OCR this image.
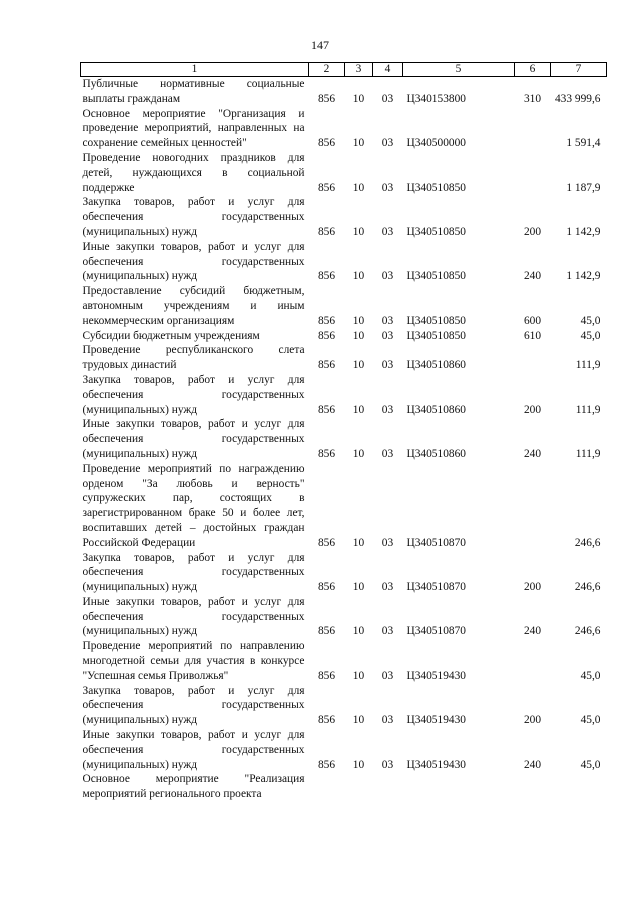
147
1	2	3	4	5	6	7
Публичные нормативные социальные выплаты гражданам	856	10	03	Ц340153800	310	433 999,6
Основное мероприятие "Организация и проведение мероприятий, направленных на сохранение семейных ценностей"	856	10	03	Ц340500000		1 591,4
Проведение новогодних праздников для детей, нуждающихся в социальной поддержке	856	10	03	Ц340510850		1 187,9
Закупка товаров, работ и услуг для обеспечения государственных (муниципальных) нужд	856	10	03	Ц340510850	200	1 142,9
Иные закупки товаров, работ и услуг для обеспечения государственных (муниципальных) нужд	856	10	03	Ц340510850	240	1 142,9
Предоставление субсидий бюджетным, автономным учреждениям и иным некоммерческим организациям	856	10	03	Ц340510850	600	45,0
Субсидии бюджетным учреждениям	856	10	03	Ц340510850	610	45,0
Проведение республиканского слета трудовых династий	856	10	03	Ц340510860		111,9
Закупка товаров, работ и услуг для обеспечения государственных (муниципальных) нужд	856	10	03	Ц340510860	200	111,9
Иные закупки товаров, работ и услуг для обеспечения государственных (муниципальных) нужд	856	10	03	Ц340510860	240	111,9
Проведение мероприятий по награждению орденом "За любовь и верность" супружеских пар, состоящих в зарегистрированном браке 50 и более лет, воспитавших детей – достойных граждан Российской Федерации	856	10	03	Ц340510870		246,6
Закупка товаров, работ и услуг для обеспечения государственных (муниципальных) нужд	856	10	03	Ц340510870	200	246,6
Иные закупки товаров, работ и услуг для обеспечения государственных (муниципальных) нужд	856	10	03	Ц340510870	240	246,6
Проведение мероприятий по направлению многодетной семьи для участия в конкурсе "Успешная семья Приволжья"	856	10	03	Ц340519430		45,0
Закупка товаров, работ и услуг для обеспечения государственных (муниципальных) нужд	856	10	03	Ц340519430	200	45,0
Иные закупки товаров, работ и услуг для обеспечения государственных (муниципальных) нужд	856	10	03	Ц340519430	240	45,0
Основное мероприятие "Реализация мероприятий регионального проекта						
